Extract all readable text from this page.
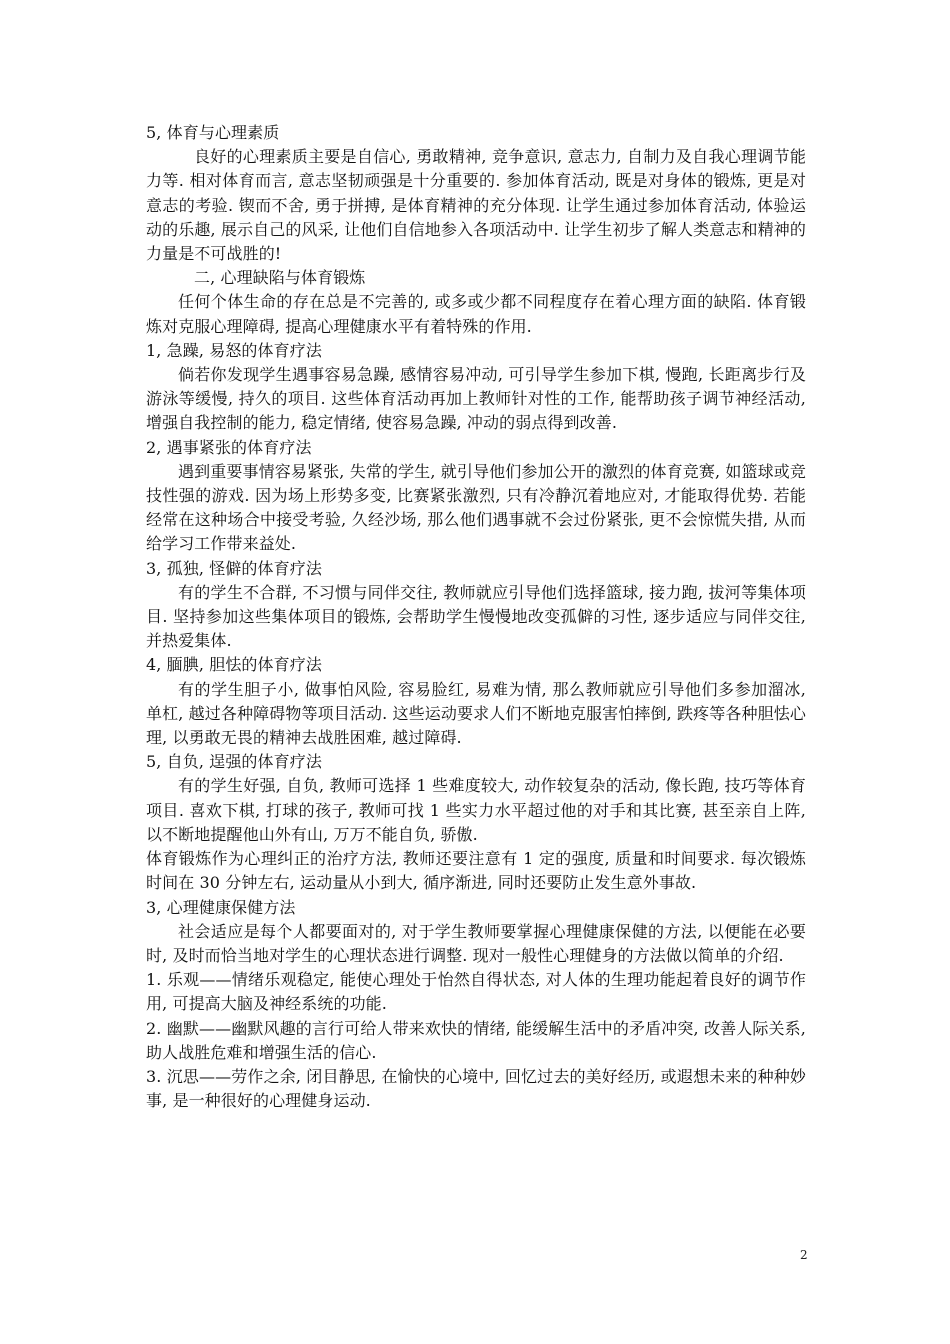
5, 体育与心理素质

良好的心理素质主要是自信心, 勇敢精神, 竞争意识, 意志力, 自制力及自我心理调节能力等. 相对体育而言, 意志坚韧顽强是十分重要的. 参加体育活动, 既是对身体的锻炼, 更是对意志的考验. 锲而不舍, 勇于拼搏, 是体育精神的充分体现. 让学生通过参加体育活动, 体验运动的乐趣, 展示自己的风采, 让他们自信地参入各项活动中. 让学生初步了解人类意志和精神的力量是不可战胜的!

二, 心理缺陷与体育锻炼

任何个体生命的存在总是不完善的, 或多或少都不同程度存在着心理方面的缺陷. 体育锻炼对克服心理障碍, 提高心理健康水平有着特殊的作用.

1, 急躁, 易怒的体育疗法

倘若你发现学生遇事容易急躁, 感情容易冲动, 可引导学生参加下棋, 慢跑, 长距离步行及游泳等缓慢, 持久的项目. 这些体育活动再加上教师针对性的工作, 能帮助孩子调节神经活动, 增强自我控制的能力, 稳定情绪, 使容易急躁, 冲动的弱点得到改善.

2, 遇事紧张的体育疗法

遇到重要事情容易紧张, 失常的学生, 就引导他们参加公开的激烈的体育竞赛, 如篮球或竞技性强的游戏. 因为场上形势多变, 比赛紧张激烈, 只有冷静沉着地应对, 才能取得优势. 若能经常在这种场合中接受考验, 久经沙场, 那么他们遇事就不会过份紧张, 更不会惊慌失措, 从而给学习工作带来益处.

3, 孤独, 怪僻的体育疗法

有的学生不合群, 不习惯与同伴交往, 教师就应引导他们选择篮球, 接力跑, 拔河等集体项目. 坚持参加这些集体项目的锻炼, 会帮助学生慢慢地改变孤僻的习性, 逐步适应与同伴交往, 并热爱集体.

4, 腼腆, 胆怯的体育疗法

有的学生胆子小, 做事怕风险, 容易脸红, 易难为情, 那么教师就应引导他们多参加溜冰, 单杠, 越过各种障碍物等项目活动. 这些运动要求人们不断地克服害怕摔倒, 跌疼等各种胆怯心理, 以勇敢无畏的精神去战胜困难, 越过障碍.

5, 自负, 逞强的体育疗法

有的学生好强, 自负, 教师可选择 1 些难度较大, 动作较复杂的活动, 像长跑, 技巧等体育项目. 喜欢下棋, 打球的孩子, 教师可找 1 些实力水平超过他的对手和其比赛, 甚至亲自上阵, 以不断地提醒他山外有山, 万万不能自负, 骄傲.

体育锻炼作为心理纠正的治疗方法, 教师还要注意有 1 定的强度, 质量和时间要求. 每次锻炼时间在 30 分钟左右, 运动量从小到大, 循序渐进, 同时还要防止发生意外事故.

3, 心理健康保健方法

社会适应是每个人都要面对的, 对于学生教师要掌握心理健康保健的方法, 以便能在必要时, 及时而恰当地对学生的心理状态进行调整. 现对一般性心理健身的方法做以简单的介绍.

1. 乐观——情绪乐观稳定, 能使心理处于怡然自得状态, 对人体的生理功能起着良好的调节作用, 可提高大脑及神经系统的功能.

2. 幽默——幽默风趣的言行可给人带来欢快的情绪, 能缓解生活中的矛盾冲突, 改善人际关系, 助人战胜危难和增强生活的信心.

3. 沉思——劳作之余, 闭目静思, 在愉快的心境中, 回忆过去的美好经历, 或遐想未来的种种妙事, 是一种很好的心理健身运动.

2
